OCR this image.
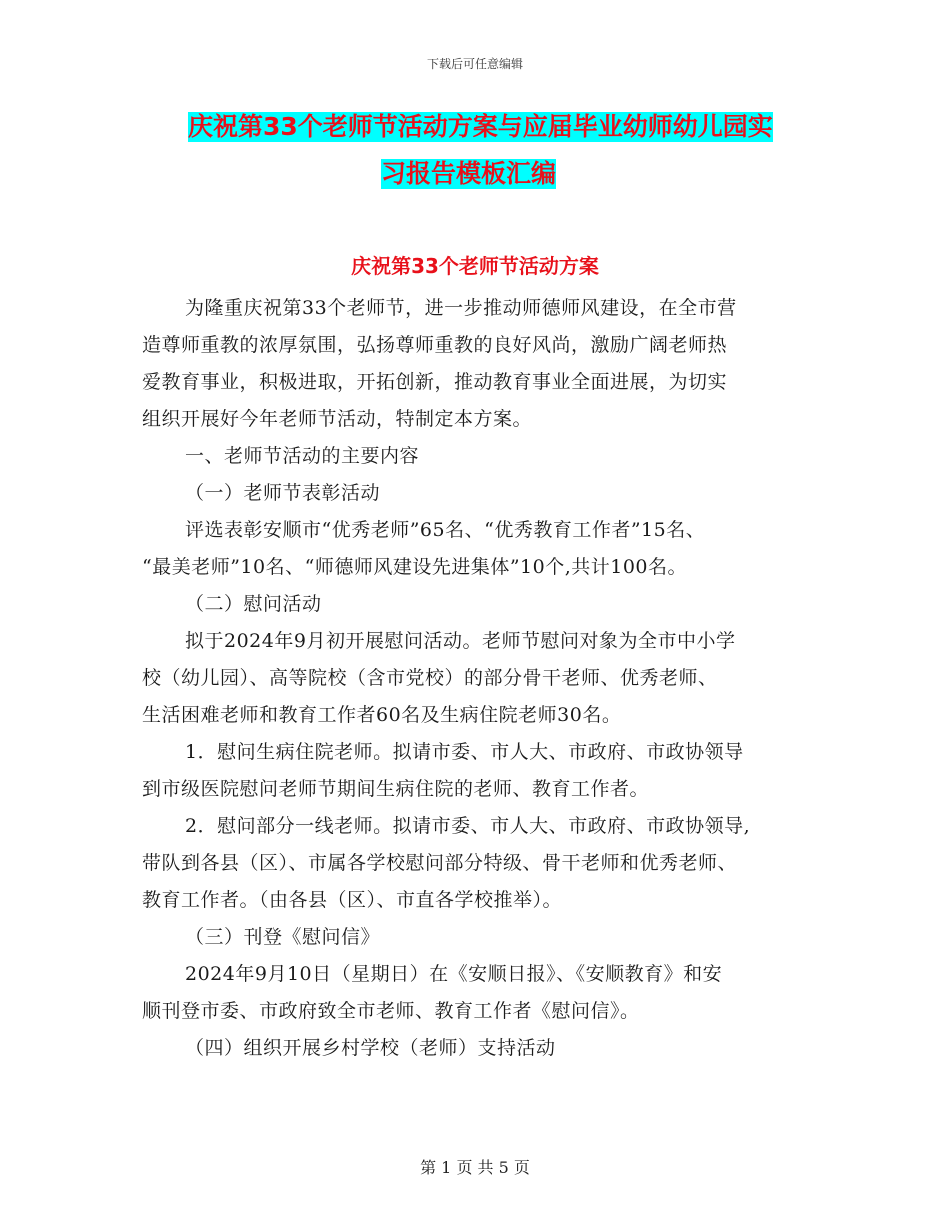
下载后可任意编辑
庆祝第33个老师节活动方案与应届毕业幼师幼儿园实
习报告模板汇编
庆祝第33个老师节活动方案
为隆重庆祝第33个老师节，进一步推动师德师风建设，在全市营
造尊师重教的浓厚氛围，弘扬尊师重教的良好风尚，激励广阔老师热
爱教育事业，积极进取，开拓创新，推动教育事业全面进展，为切实
组织开展好今年老师节活动，特制定本方案。
一、老师节活动的主要内容
（一）老师节表彰活动
评选表彰安顺市“优秀老师”65名、“优秀教育工作者”15名、
“最美老师”10名、“师德师风建设先进集体”10个,共计100名。
（二）慰问活动
拟于2024年9月初开展慰问活动。老师节慰问对象为全市中小学
校（幼儿园）、高等院校（含市党校）的部分骨干老师、优秀老师、
生活困难老师和教育工作者60名及生病住院老师30名。
1．慰问生病住院老师。拟请市委、市人大、市政府、市政协领导
到市级医院慰问老师节期间生病住院的老师、教育工作者。
2．慰问部分一线老师。拟请市委、市人大、市政府、市政协领导,
带队到各县（区）、市属各学校慰问部分特级、骨干老师和优秀老师、
教育工作者。（由各县（区）、市直各学校推举）。
（三）刊登《慰问信》
2024年9月10日（星期日）在《安顺日报》、《安顺教育》和安
顺刊登市委、市政府致全市老师、教育工作者《慰问信》。
（四）组织开展乡村学校（老师）支持活动
第 1 页 共 5 页
